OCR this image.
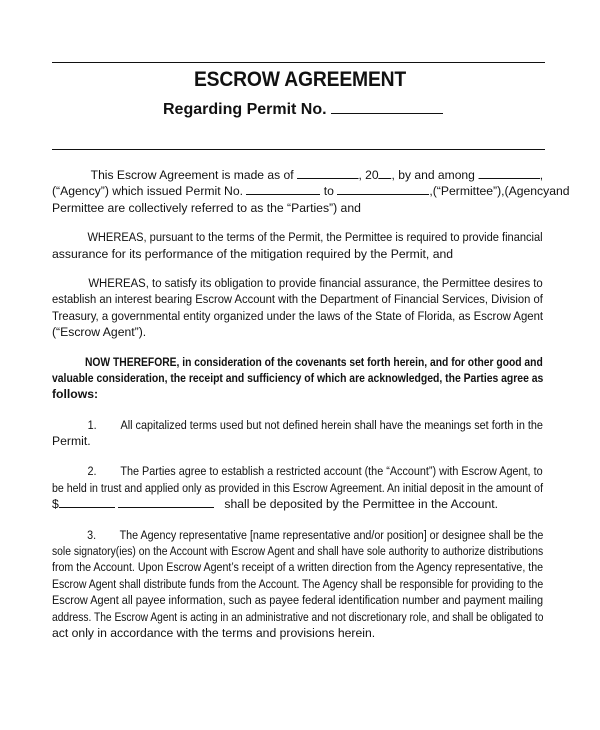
ESCROW AGREEMENT
Regarding Permit No.
This Escrow Agreement is made as of	, 20 , by and among	,
(“Agency”) which issued Permit No.	to	, (“Permittee”), (Agency and
Permittee are collectively referred to as the “Parties”) and
WHEREAS, pursuant to the terms of the Permit, the Permittee is required to provide financial
assurance for its performance of the mitigation required by the Permit, and
WHEREAS, to satisfy its obligation to provide financial assurance, the Permittee desires to
establish an interest bearing Escrow Account with the Department of Financial Services, Division of
Treasury, a governmental entity organized under the laws of the State of Florida, as Escrow Agent
(“Escrow Agent”).
NOW THEREFORE, in consideration of the covenants set forth herein, and for other good and
valuable consideration, the receipt and sufficiency of which are acknowledged, the Parties agree as
follows:
1. All capitalized terms used but not defined herein shall have the meanings set forth in the
Permit.
2. The Parties agree to establish a restricted account (the “Account”) with Escrow Agent, to
be held in trust and applied only as provided in this Escrow Agreement. An initial deposit in the amount of
$	shall be deposited by the Permittee in the Account.
3. The Agency representative [name representative and/or position] or designee shall be the
sole signatory(ies) on the Account with Escrow Agent and shall have sole authority to authorize distributions
from the Account. Upon Escrow Agent’s receipt of a written direction from the Agency representative, the
Escrow Agent shall distribute funds from the Account. The Agency shall be responsible for providing to the
Escrow Agent all payee information, such as payee federal identification number and payment mailing
address. The Escrow Agent is acting in an administrative and not discretionary role, and shall be obligated to
act only in accordance with the terms and provisions herein.
